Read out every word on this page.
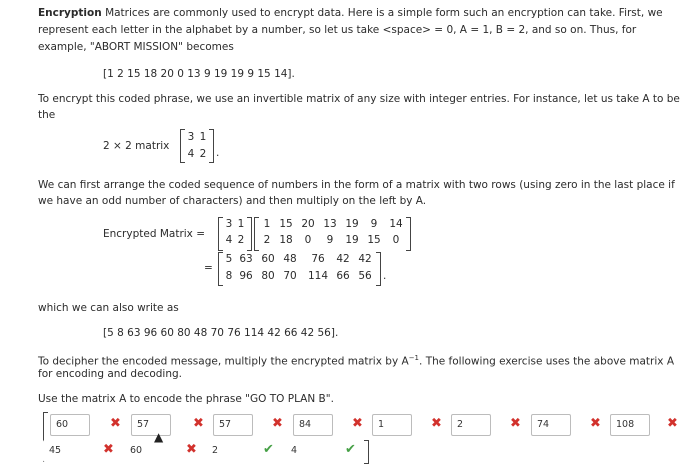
Encryption Matrices are commonly used to encrypt data. Here is a simple form such an encryption can take. First, we
represent each letter in the alphabet by a number, so let us take <space> = 0, A = 1, B = 2, and so on. Thus, for
example, "ABORT MISSION" becomes
[1 2 15 18 20 0 13 9 19 19 9 15 14].
To encrypt this coded phrase, we use an invertible matrix of any size with integer entries. For instance, let us take A to be
the
2 × 2 matrix
3 1
4 2 .
We can first arrange the coded sequence of numbers in the form of a matrix with two rows (using zero in the last place if
we have an odd number of characters) and then multiply on the left by A.
Encrypted Matrix =
3 1
4 2
1 15 20 13 19	9	14
2 18	0	9	19 15	0
=
5 63 60 48	76	42 42
8 96 80 70 114 66 56	.
which we can also write as
[5 8 63 96 60 80 48 70 76 114 42 66 42 56].
To decipher the encoded message, multiply the encrypted matrix by $A^{-1}$. The following exercise uses the above matrix A
for encoding and decoding.
Use the matrix A to encode the phrase "GO TO PLAN B".
60	✖	57	✖	57	✖	84	✖	1	✖	2	✖	74	✖	108	✖
45	✖	60	✖	2	✔	4	✔
▲
